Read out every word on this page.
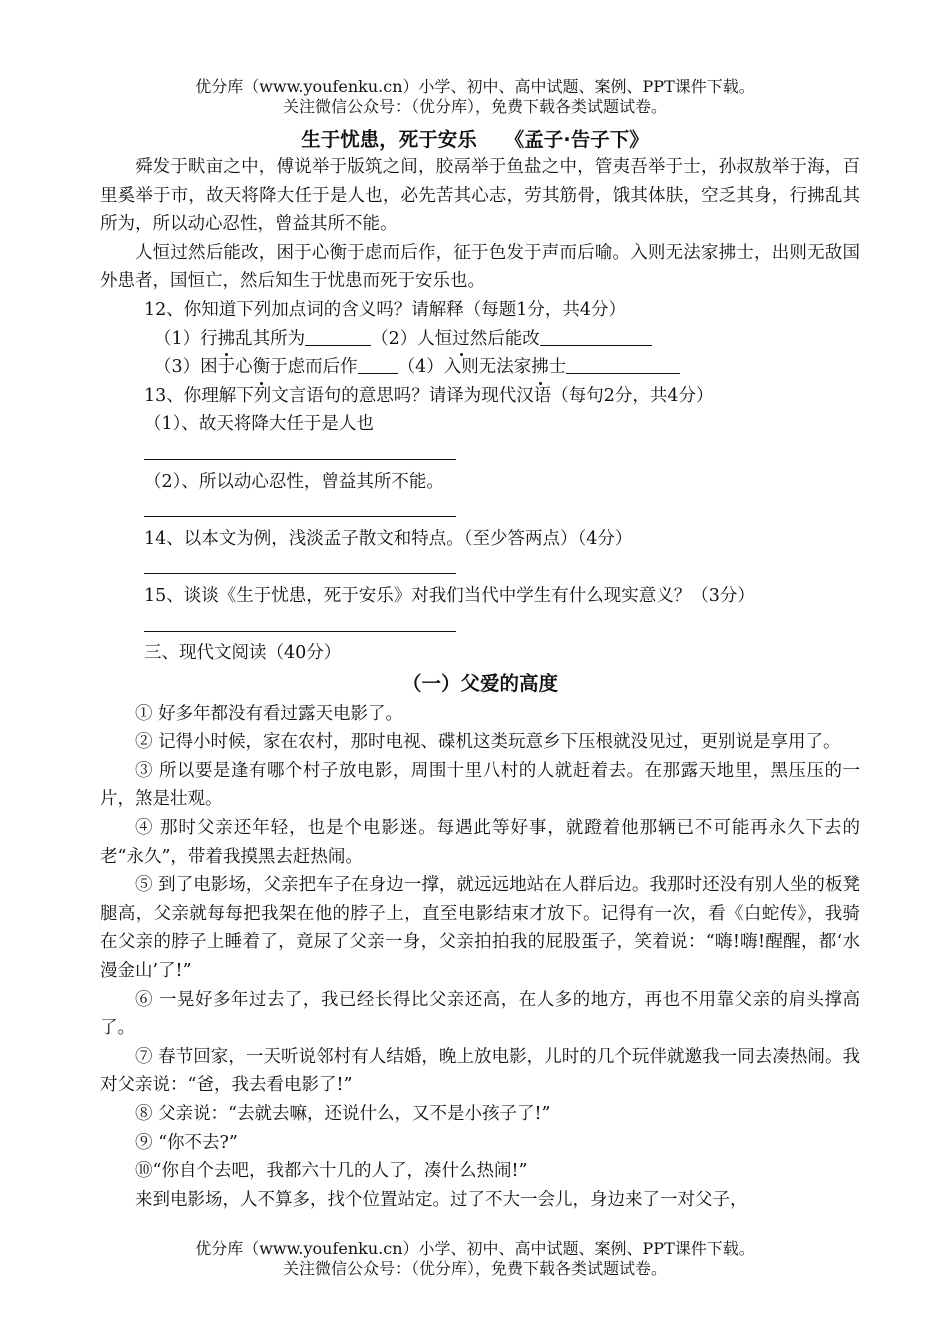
优分库（www.youfenku.cn）小学、初中、高中试题、案例、PPT课件下载。
关注微信公众号：（优分库），免费下载各类试题试卷。
生于忧患，死于安乐 《孟子·告子下》

舜发于畎亩之中，傅说举于版筑之间，胶鬲举于鱼盐之中，管夷吾举于士，孙叔敖举于海，百里奚举于市，故天将降大任于是人也，必先苦其心志，劳其筋骨，饿其体肤，空乏其身，行拂乱其所为，所以动心忍性，曾益其所不能。

人恒过然后能改，困于心衡于虑而后作，征于色发于声而后喻。入则无法家拂士，出则无敌国外患者，国恒亡，然后知生于忧患而死于安乐也。

12、你知道下列加点词的含义吗？请解释（每题1分，共4分）

（1）行拂乱其所为	（2）人恒过然后能改

（3）困于心衡于虑而后作 （4）入则无法家拂士

13、你理解下列文言语句的意思吗？请译为现代汉语（每句2分，共4分）

（1）、故天将降大任于是人也

（2）、所以动心忍性，曾益其所不能。

14、以本文为例，浅淡孟子散文和特点。（至少答两点）（4分）

15、谈谈《生于忧患，死于安乐》对我们当代中学生有什么现实意义？（3分）

三、现代文阅读（40分）

（一）父爱的高度

① 好多年都没有看过露天电影了。

② 记得小时候，家在农村，那时电视、碟机这类玩意乡下压根就没见过，更别说是享用了。

③ 所以要是逢有哪个村子放电影，周围十里八村的人就赶着去。在那露天地里，黑压压的一片，煞是壮观。

④ 那时父亲还年轻，也是个电影迷。每遇此等好事，就蹬着他那辆已不可能再永久下去的老“永久”，带着我摸黑去赶热闹。

⑤ 到了电影场，父亲把车子在身边一撑，就远远地站在人群后边。我那时还没有别人坐的板凳腿高，父亲就每每把我架在他的脖子上，直至电影结束才放下。记得有一次，看《白蛇传》，我骑在父亲的脖子上睡着了，竟尿了父亲一身，父亲拍拍我的屁股蛋子，笑着说：“嗨!嗨!醒醒，都‘水漫金山’了!”

⑥ 一晃好多年过去了，我已经长得比父亲还高，在人多的地方，再也不用靠父亲的肩头撑高了。

⑦ 春节回家，一天听说邻村有人结婚，晚上放电影，儿时的几个玩伴就邀我一同去凑热闹。我对父亲说：“爸，我去看电影了!”

⑧ 父亲说：“去就去嘛，还说什么，又不是小孩子了!”

⑨ “你不去?”

⑩“你自个去吧，我都六十几的人了，凑什么热闹!”

来到电影场，人不算多，找个位置站定。过了不大一会儿，身边来了一对父子，

优分库（www.youfenku.cn）小学、初中、高中试题、案例、PPT课件下载。
关注微信公众号：（优分库），免费下载各类试题试卷。
